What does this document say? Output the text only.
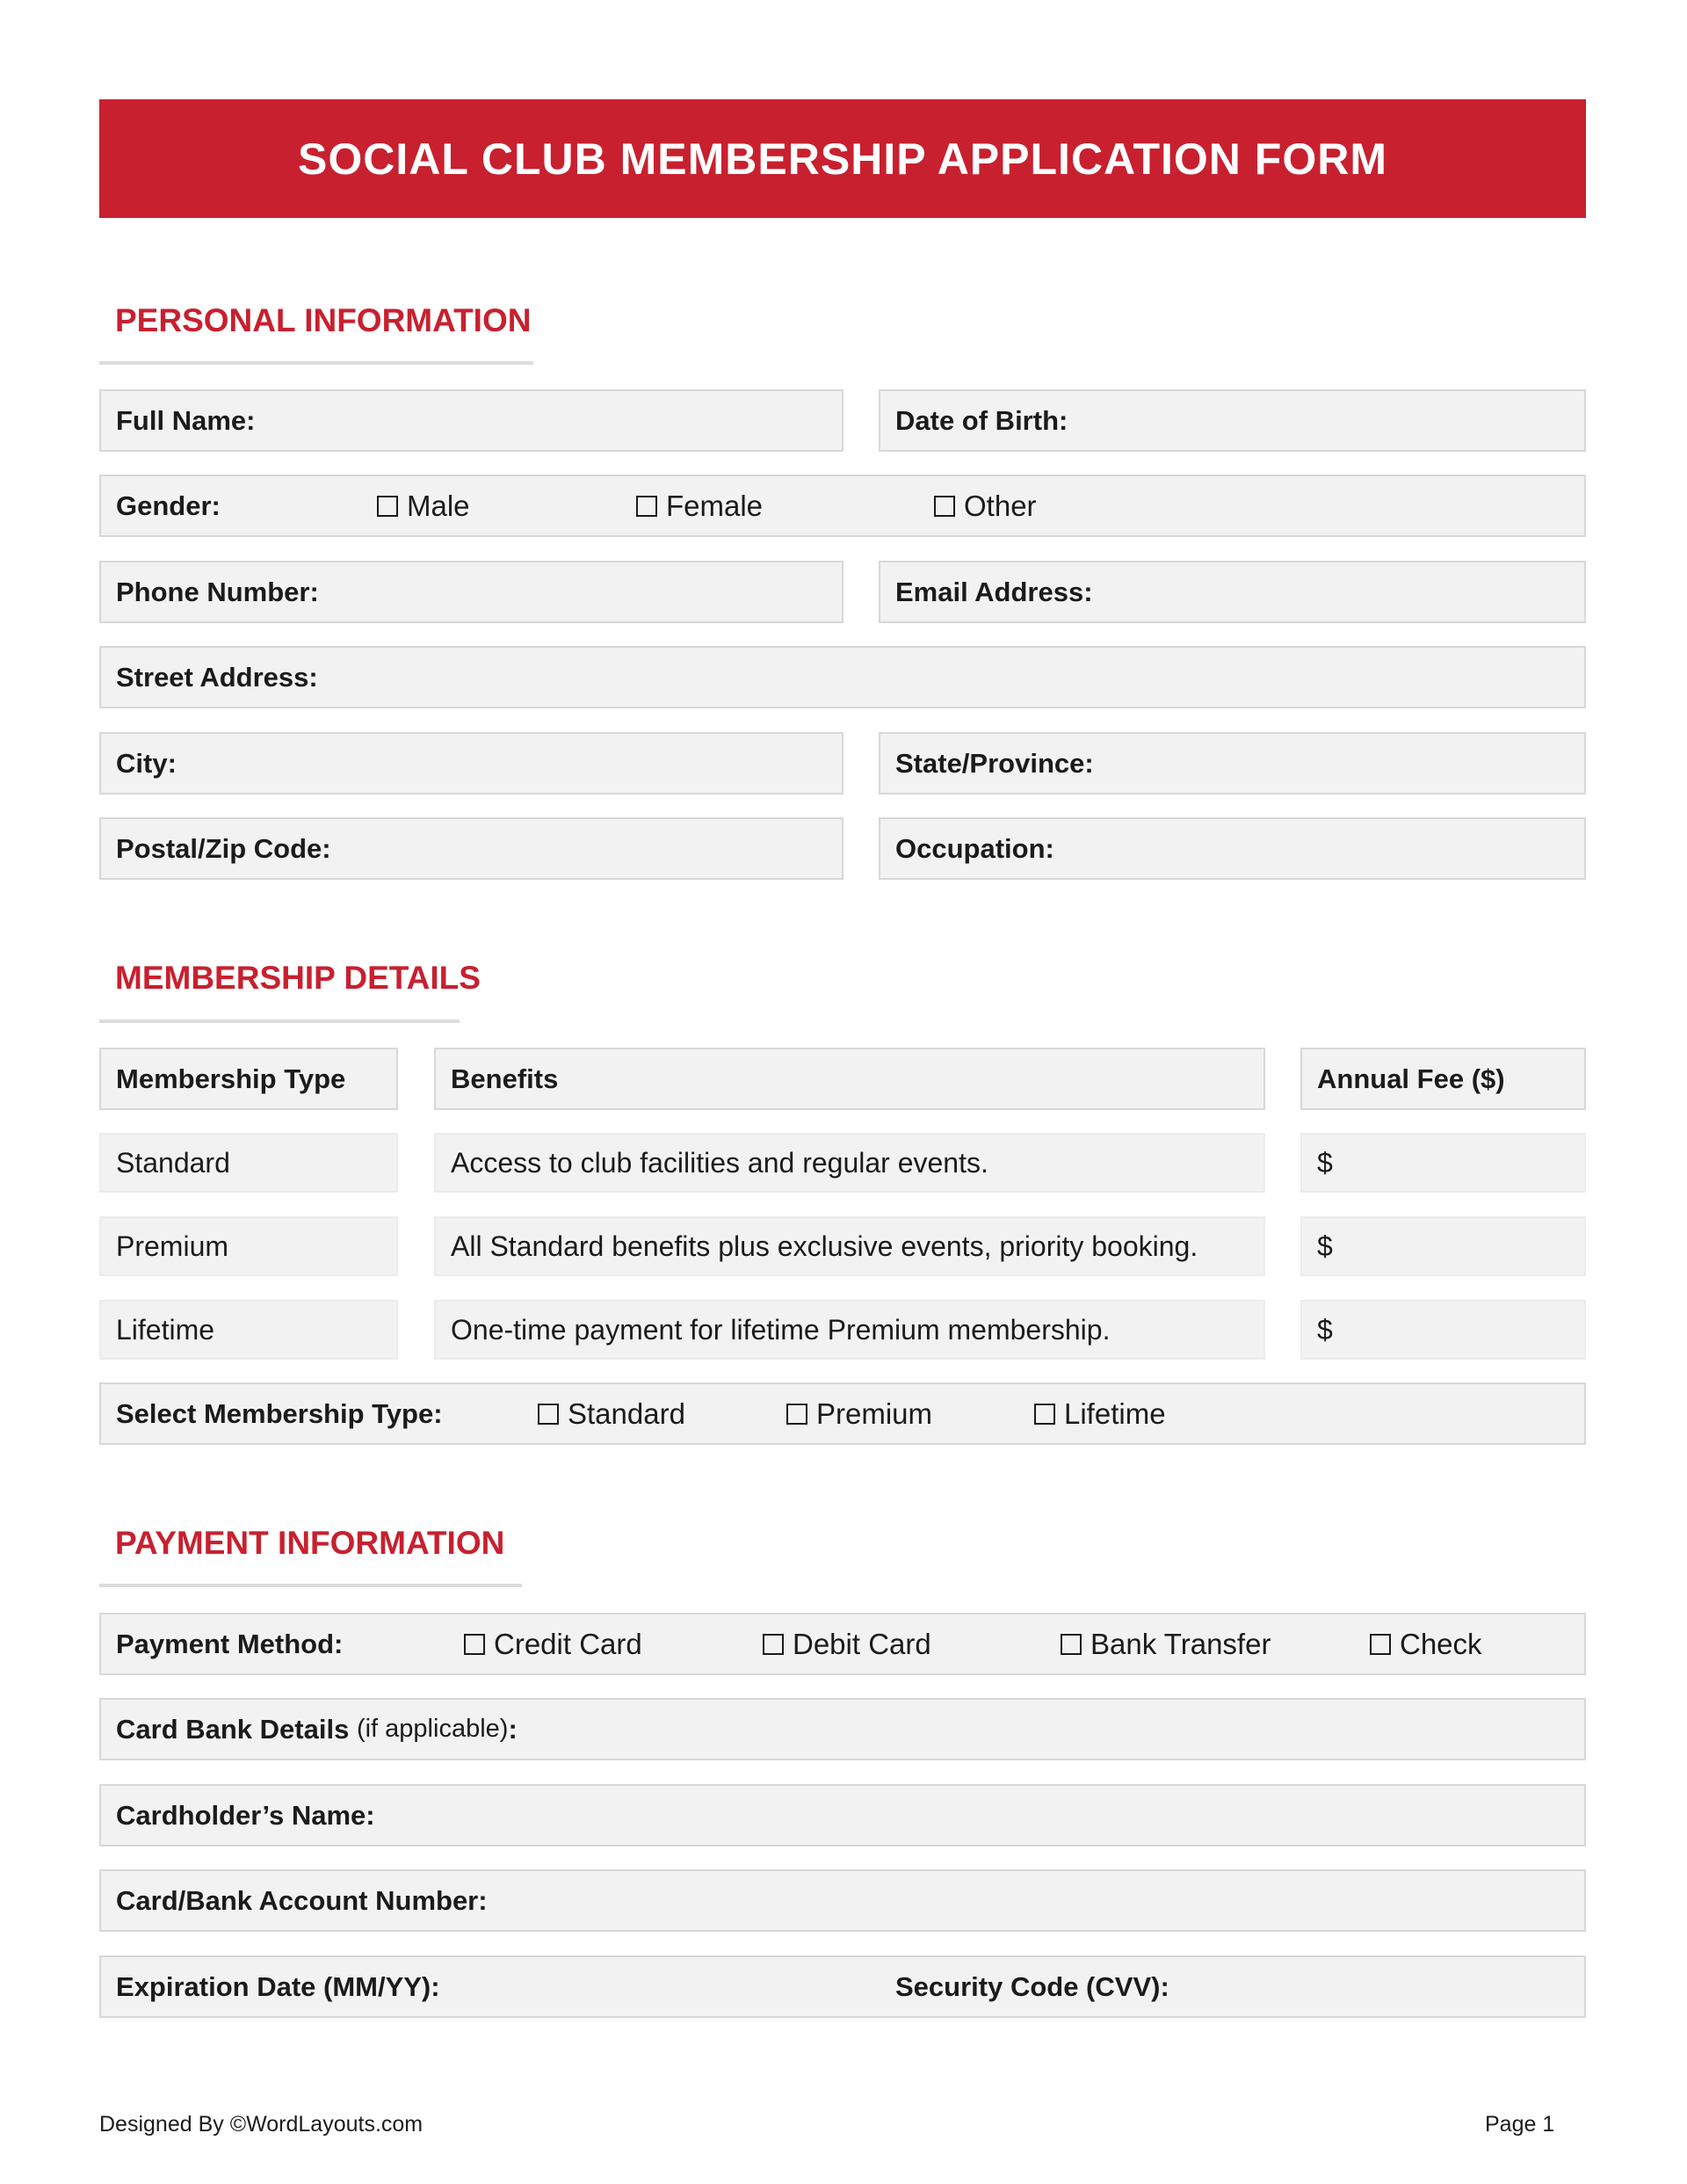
SOCIAL CLUB MEMBERSHIP APPLICATION FORM
PERSONAL INFORMATION
Full Name:	Date of Birth:
Gender:	Male	Female	Other
Phone Number:	Email Address:
Street Address:
City:	State/Province:
Postal/Zip Code:	Occupation:
MEMBERSHIP DETAILS
Membership Type	Benefits	Annual Fee ($)
Standard	Access to club facilities and regular events.	$
Premium	All Standard benefits plus exclusive events, priority booking.	$
Lifetime	One-time payment for lifetime Premium membership.	$
Select Membership Type:	Standard	Premium	Lifetime
PAYMENT INFORMATION
Payment Method:	Credit Card	Debit Card	Bank Transfer	Check
Card Bank Details
(if applicable) :
Cardholder’s Name:
Card/Bank Account Number:
Expiration Date (MM/YY):	Security Code (CVV):
Designed By ©WordLayouts.com	Page 1
